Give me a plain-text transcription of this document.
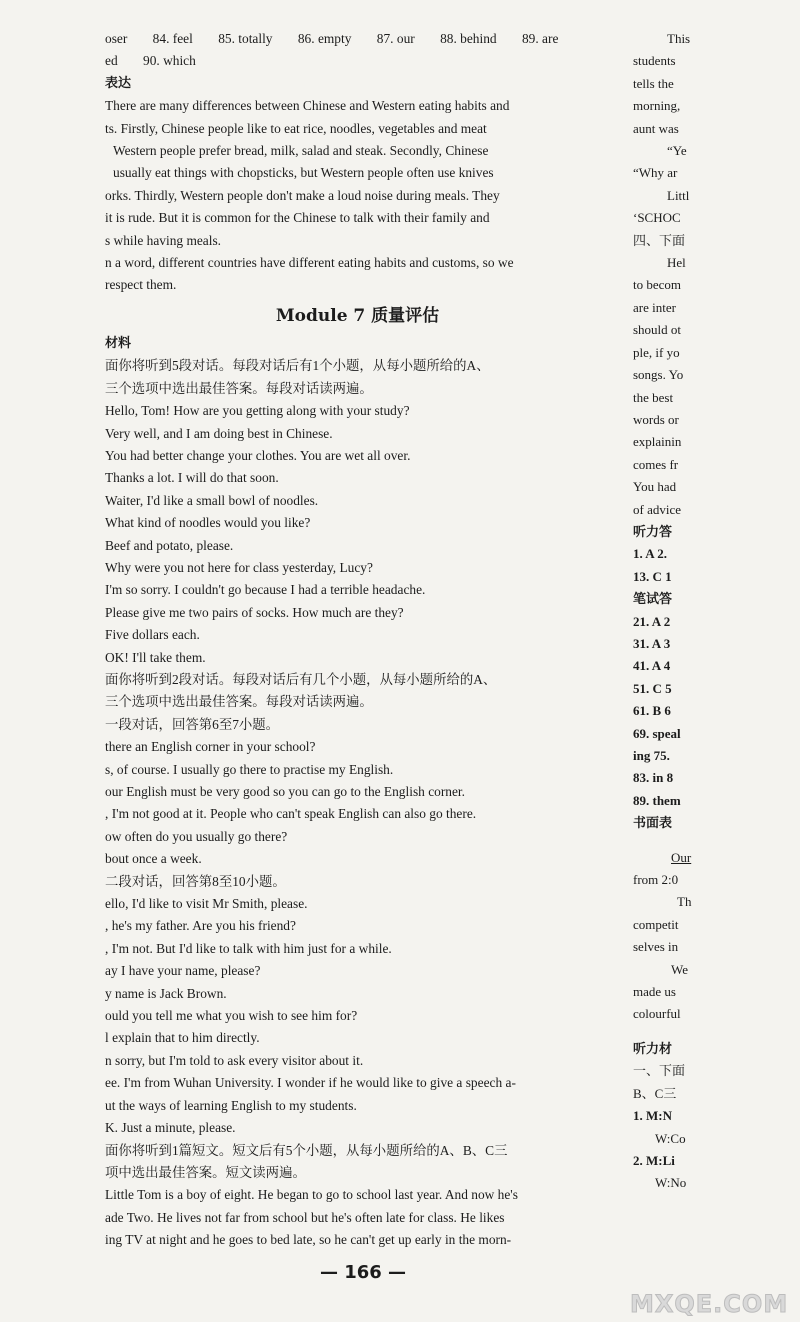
oser 84. feel 85. totally 86. empty 87. our 88. behind 89. are
ed 90. which
表达
There are many differences between Chinese and Western eating habits and
ts. Firstly, Chinese people like to eat rice, noodles, vegetables and meat
Western people prefer bread, milk, salad and steak. Secondly, Chinese
usually eat things with chopsticks, but Western people often use knives
orks. Thirdly, Western people don't make a loud noise during meals. They
it is rude. But it is common for the Chinese to talk with their family and
s while having meals.
n a word, different countries have different eating habits and customs, so we
respect them.
Module 7 质量评估
材料
面你将听到5段对话。每段对话后有1个小题，从每小题所给的A、
三个选项中选出最佳答案。每段对话读两遍。
Hello, Tom! How are you getting along with your study?
Very well, and I am doing best in Chinese.
You had better change your clothes. You are wet all over.
Thanks a lot. I will do that soon.
Waiter, I'd like a small bowl of noodles.
What kind of noodles would you like?
Beef and potato, please.
Why were you not here for class yesterday, Lucy?
I'm so sorry. I couldn't go because I had a terrible headache.
Please give me two pairs of socks. How much are they?
Five dollars each.
OK! I'll take them.
面你将听到2段对话。每段对话后有几个小题，从每小题所给的A、
三个选项中选出最佳答案。每段对话读两遍。
一段对话，回答第6至7小题。
there an English corner in your school?
s, of course. I usually go there to practise my English.
our English must be very good so you can go to the English corner.
, I'm not good at it. People who can't speak English can also go there.
ow often do you usually go there?
bout once a week.
二段对话，回答第8至10小题。
ello, I'd like to visit Mr Smith, please.
, he's my father. Are you his friend?
, I'm not. But I'd like to talk with him just for a while.
ay I have your name, please?
y name is Jack Brown.
ould you tell me what you wish to see him for?
l explain that to him directly.
n sorry, but I'm told to ask every visitor about it.
ee. I'm from Wuhan University. I wonder if he would like to give a speech a-
ut the ways of learning English to my students.
K. Just a minute, please.
面你将听到1篇短文。短文后有5个小题，从每小题所给的A、B、C三
项中选出最佳答案。短文读两遍。
Little Tom is a boy of eight. He began to go to school last year. And now he's
ade Two. He lives not far from school but he's often late for class. He likes
ing TV at night and he goes to bed late, so he can't get up early in the morn-
This
students
tells the
morning,
aunt was
“Ye
“Why ar
Littl
‘SCHOC
四、下面
Hel
to becom
are inter
should ot
ple, if yo
songs. Yo
the best
words or
explainin
comes fr
You had
of advice
听力答
1. A 2.
13. C 1
笔试答
21. A 2
31. A 3
41. A 4
51. C 5
61. B 6
69. speal
ing 75.
83. in 8
89. them
书面表
Our
from 2:0
Th
competit
selves in
We
made us
colourful
听力材
一、下面
B、C三
1. M:N
W:Co
2. M:Li
W:No
— 166 —
MXQE.COM
